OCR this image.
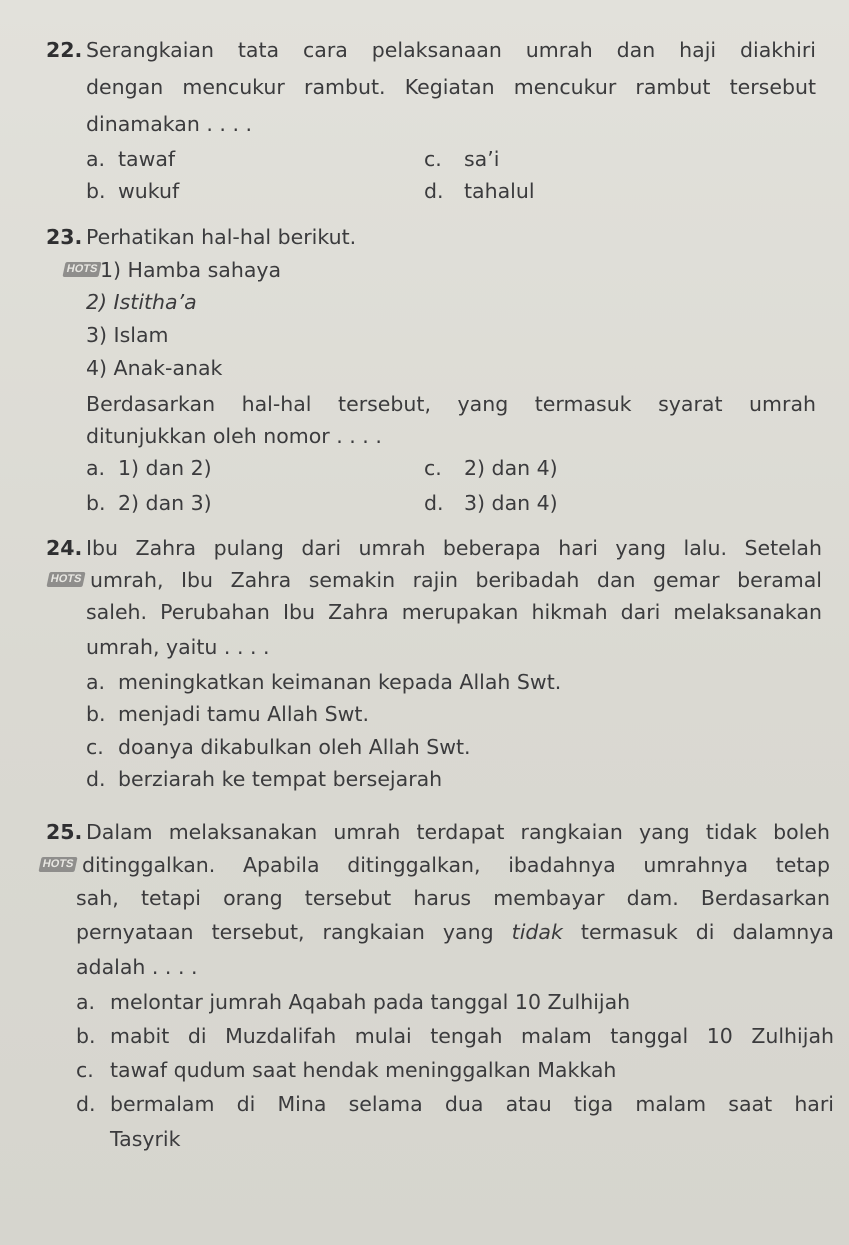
22. Serangkaian tata cara pelaksanaan umrah dan haji diakhiri
dengan mencukur rambut. Kegiatan mencukur rambut tersebut
dinamakan . . . .
a. tawaf
b. wukuf
c. sa’i
d. tahalul
23. Perhatikan hal-hal berikut.
HOTS 1) Hamba sahaya
2) Istitha’a
3) Islam
4) Anak-anak
Berdasarkan hal-hal tersebut, yang termasuk syarat umrah
ditunjukkan oleh nomor . . . .
a. 1) dan 2)
b. 2) dan 3)
c. 2) dan 4)
d. 3) dan 4)
24. Ibu Zahra pulang dari umrah beberapa hari yang lalu. Setelah
HOTS umrah, Ibu Zahra semakin rajin beribadah dan gemar beramal
saleh. Perubahan Ibu Zahra merupakan hikmah dari melaksanakan
umrah, yaitu . . . .
a. meningkatkan keimanan kepada Allah Swt.
b. menjadi tamu Allah Swt.
c. doanya dikabulkan oleh Allah Swt.
d. berziarah ke tempat bersejarah
25. Dalam melaksanakan umrah terdapat rangkaian yang tidak boleh
HOTS ditinggalkan. Apabila ditinggalkan, ibadahnya umrahnya tetap
sah, tetapi orang tersebut harus membayar dam. Berdasarkan
pernyataan tersebut, rangkaian yang tidak termasuk di dalamnya
adalah . . . .
a. melontar jumrah Aqabah pada tanggal 10 Zulhijah
b. mabit di Muzdalifah mulai tengah malam tanggal 10 Zulhijah
c. tawaf qudum saat hendak meninggalkan Makkah
d. bermalam di Mina selama dua atau tiga malam saat hari
Tasyrik
